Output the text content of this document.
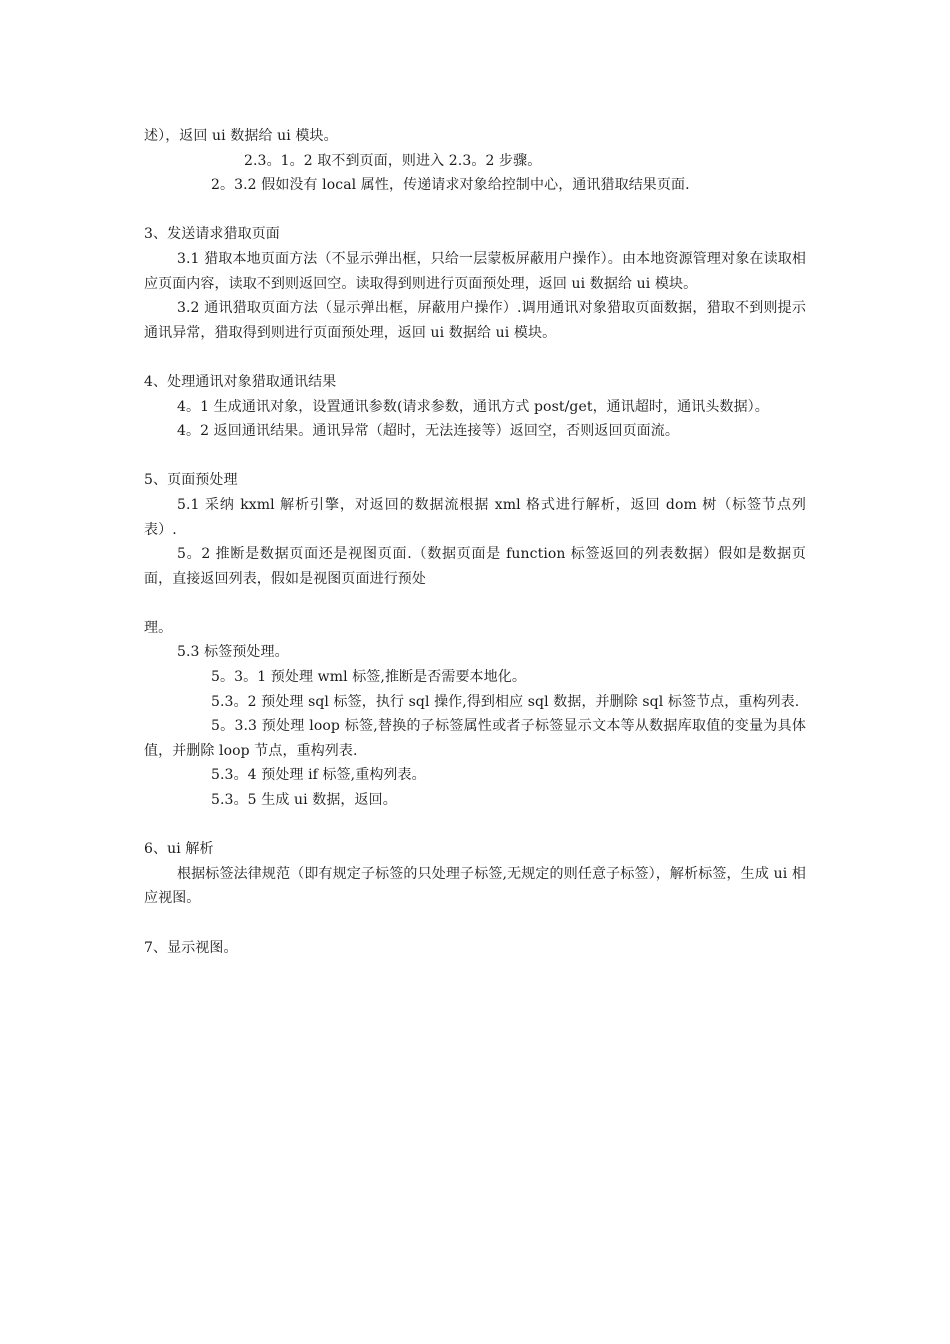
述），返回 ui 数据给 ui 模块。

2.3。1。2 取不到页面，则进入 2.3。2 步骤。

2。3.2 假如没有 local 属性，传递请求对象给控制中心，通讯猎取结果页面.

3、发送请求猎取页面

3.1 猎取本地页面方法（不显示弹出框，只给一层蒙板屏蔽用户操作）。由本地资源管理对象在读取相应页面内容，读取不到则返回空。读取得到则进行页面预处理，返回 ui 数据给 ui 模块。

3.2 通讯猎取页面方法（显示弹出框，屏蔽用户操作）.调用通讯对象猎取页面数据，猎取不到则提示通讯异常，猎取得到则进行页面预处理，返回 ui 数据给 ui 模块。

4、处理通讯对象猎取通讯结果

4。1 生成通讯对象，设置通讯参数(请求参数，通讯方式 post/get，通讯超时，通讯头数据）。

4。2 返回通讯结果。通讯异常（超时，无法连接等）返回空，否则返回页面流。

5、页面预处理

5.1 采纳 kxml 解析引擎，对返回的数据流根据 xml 格式进行解析，返回 dom 树（标签节点列表）.

5。2 推断是数据页面还是视图页面.（数据页面是 function 标签返回的列表数据）假如是数据页面，直接返回列表，假如是视图页面进行预处

理。

5.3 标签预处理。

5。3。1 预处理 wml 标签,推断是否需要本地化。

5.3。2 预处理 sql 标签，执行 sql 操作,得到相应 sql 数据，并删除 sql 标签节点，重构列表.

5。3.3 预处理 loop 标签,替换的子标签属性或者子标签显示文本等从数据库取值的变量为具体值，并删除 loop 节点，重构列表.

5.3。4 预处理 if 标签,重构列表。

5.3。5 生成 ui 数据，返回。

6、ui 解析

根据标签法律规范（即有规定子标签的只处理子标签,无规定的则任意子标签），解析标签，生成 ui 相应视图。

7、显示视图。
